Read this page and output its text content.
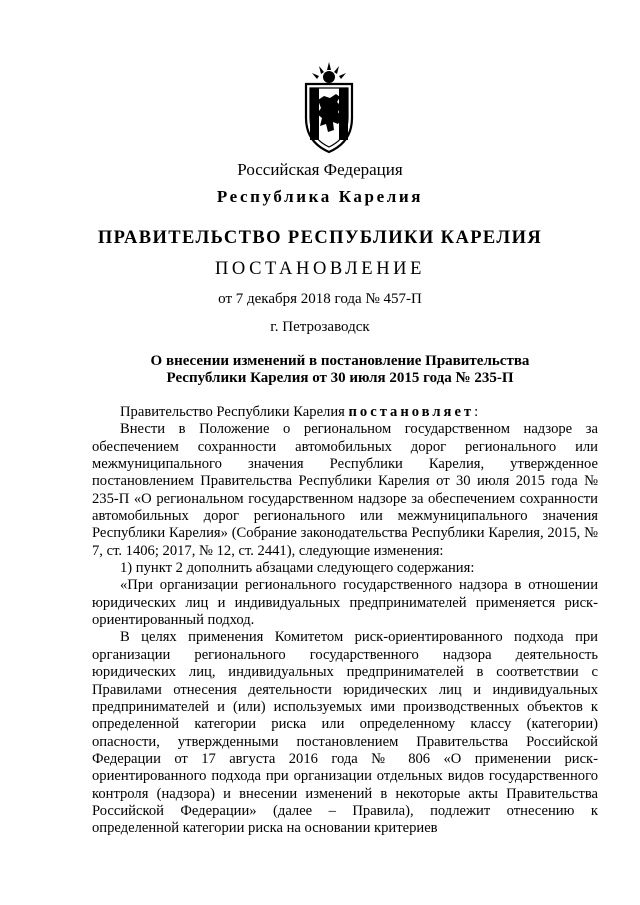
Российская Федерация
Республика Карелия
ПРАВИТЕЛЬСТВО РЕСПУБЛИКИ КАРЕЛИЯ
ПОСТАНОВЛЕНИЕ
от 7 декабря 2018 года № 457-П
г. Петрозаводск
О внесении изменений в постановление Правительства
Республики Карелия от 30 июля 2015 года № 235-П

Правительство Республики Карелия постановляет:

Внести в Положение о региональном государственном надзоре за обеспечением сохранности автомобильных дорог регионального или межмуниципального значения Республики Карелия, утвержденное постановлением Правительства Республики Карелия от 30 июля 2015 года № 235-П «О региональном государственном надзоре за обеспечением сохранности автомобильных дорог регионального или межмуниципального значения Республики Карелия» (Собрание законодательства Республики Карелия, 2015, № 7, ст. 1406; 2017, № 12, ст. 2441), следующие изменения:

1) пункт 2 дополнить абзацами следующего содержания:

«При организации регионального государственного надзора в отношении юридических лиц и индивидуальных предпринимателей применяется риск-ориентированный подход.

В целях применения Комитетом риск-ориентированного подхода при организации регионального государственного надзора деятельность юридических лиц, индивидуальных предпринимателей в соответствии с Правилами отнесения деятельности юридических лиц и индивидуальных предпринимателей и (или) используемых ими производственных объектов к определенной категории риска или определенному классу (категории) опасности, утвержденными постановлением Правительства Российской Федерации от 17 августа 2016 года № 806 «О применении риск-ориентированного подхода при организации отдельных видов государственного контроля (надзора) и внесении изменений в некоторые акты Правительства Российской Федерации» (далее – Правила), подлежит отнесению к определенной категории риска на основании критериев
